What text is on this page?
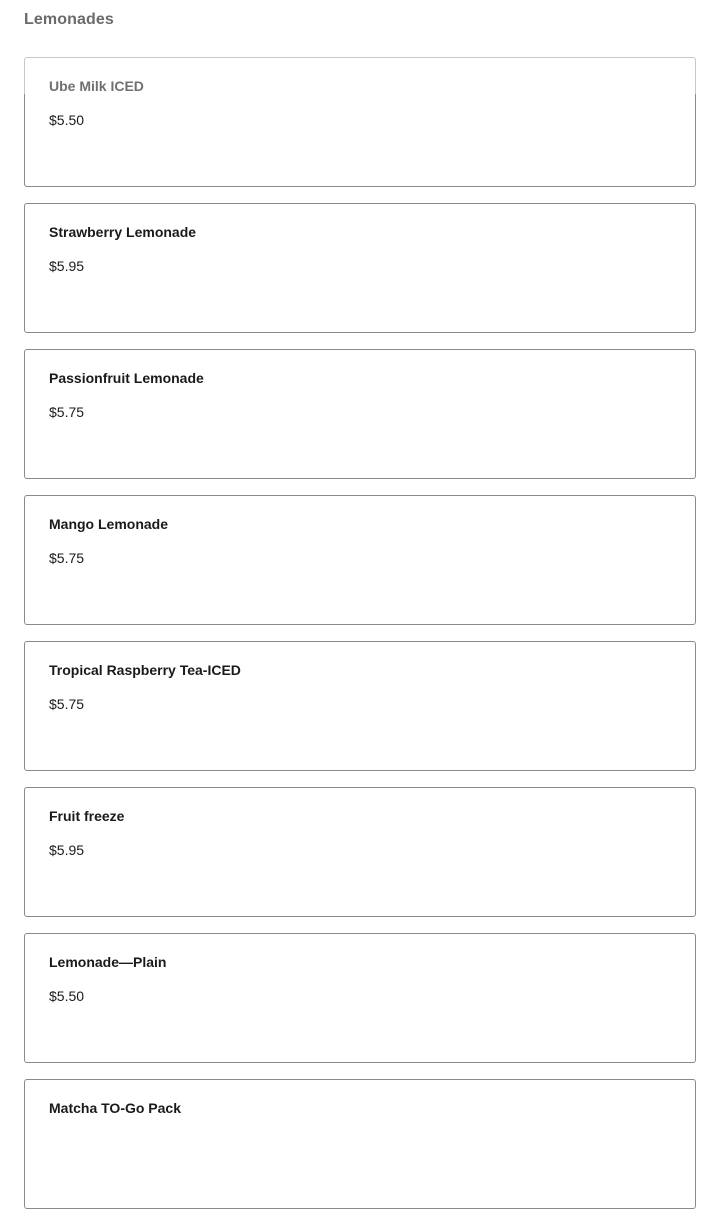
Lemonades
Ube Milk ICED
$5.50
Strawberry Lemonade
$5.95
Passionfruit Lemonade
$5.75
Mango Lemonade
$5.75
Tropical Raspberry Tea-ICED
$5.75
Fruit freeze
$5.95
Lemonade—Plain
$5.50
Matcha TO-Go Pack
